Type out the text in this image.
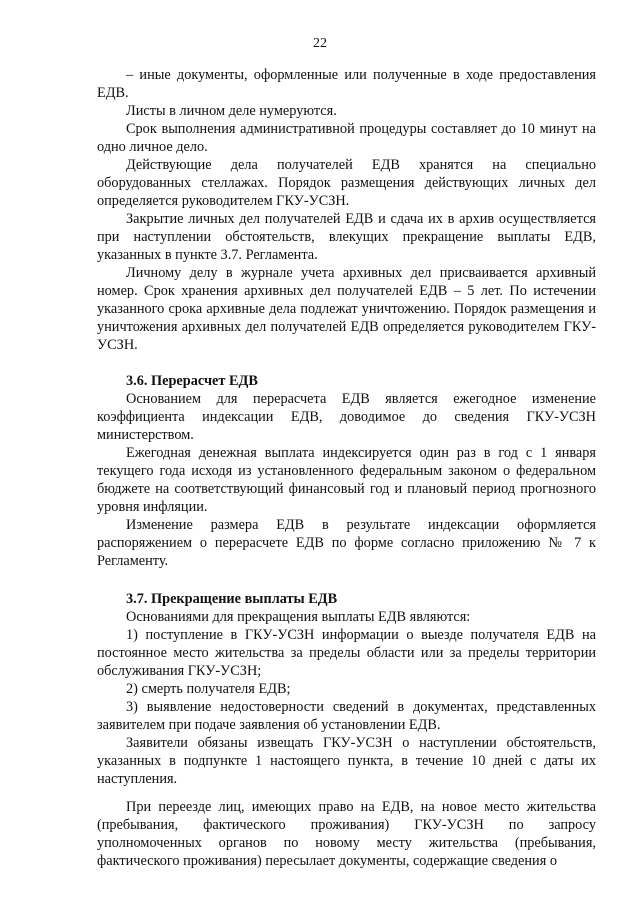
22

– иные документы, оформленные или полученные в ходе предоставления ЕДВ.

Листы в личном деле нумеруются.

Срок выполнения административной процедуры составляет до 10 минут на одно личное дело.

Действующие дела получателей ЕДВ хранятся на специально оборудованных стеллажах. Порядок размещения действующих личных дел определяется руководителем ГКУ-УСЗН.

Закрытие личных дел получателей ЕДВ и сдача их в архив осуществляется при наступлении обстоятельств, влекущих прекращение выплаты ЕДВ, указанных в пункте 3.7. Регламента.

Личному делу в журнале учета архивных дел присваивается архивный номер. Срок хранения архивных дел получателей ЕДВ – 5 лет. По истечении указанного срока архивные дела подлежат уничтожению. Порядок размещения и уничтожения архивных дел получателей ЕДВ определяется руководителем ГКУ-УСЗН.

3.6. Перерасчет ЕДВ

Основанием для перерасчета ЕДВ является ежегодное изменение коэффициента индексации ЕДВ, доводимое до сведения ГКУ-УСЗН министерством.

Ежегодная денежная выплата индексируется один раз в год с 1 января текущего года исходя из установленного федеральным законом о федеральном бюджете на соответствующий финансовый год и плановый период прогнозного уровня инфляции.

Изменение размера ЕДВ в результате индексации оформляется распоряжением о перерасчете ЕДВ по форме согласно приложению № 7 к Регламенту.

3.7. Прекращение выплаты ЕДВ

Основаниями для прекращения выплаты ЕДВ являются:

1) поступление в ГКУ-УСЗН информации о выезде получателя ЕДВ на постоянное место жительства за пределы области или за пределы территории обслуживания ГКУ-УСЗН;

2) смерть получателя ЕДВ;

3) выявление недостоверности сведений в документах, представленных заявителем при подаче заявления об установлении ЕДВ.

Заявители обязаны извещать ГКУ-УСЗН о наступлении обстоятельств, указанных в подпункте 1 настоящего пункта, в течение 10 дней с даты их наступления.

При переезде лиц, имеющих право на ЕДВ, на новое место жительства (пребывания, фактического проживания) ГКУ-УСЗН по запросу уполномоченных органов по новому месту жительства (пребывания, фактического проживания) пересылает документы, содержащие сведения о
